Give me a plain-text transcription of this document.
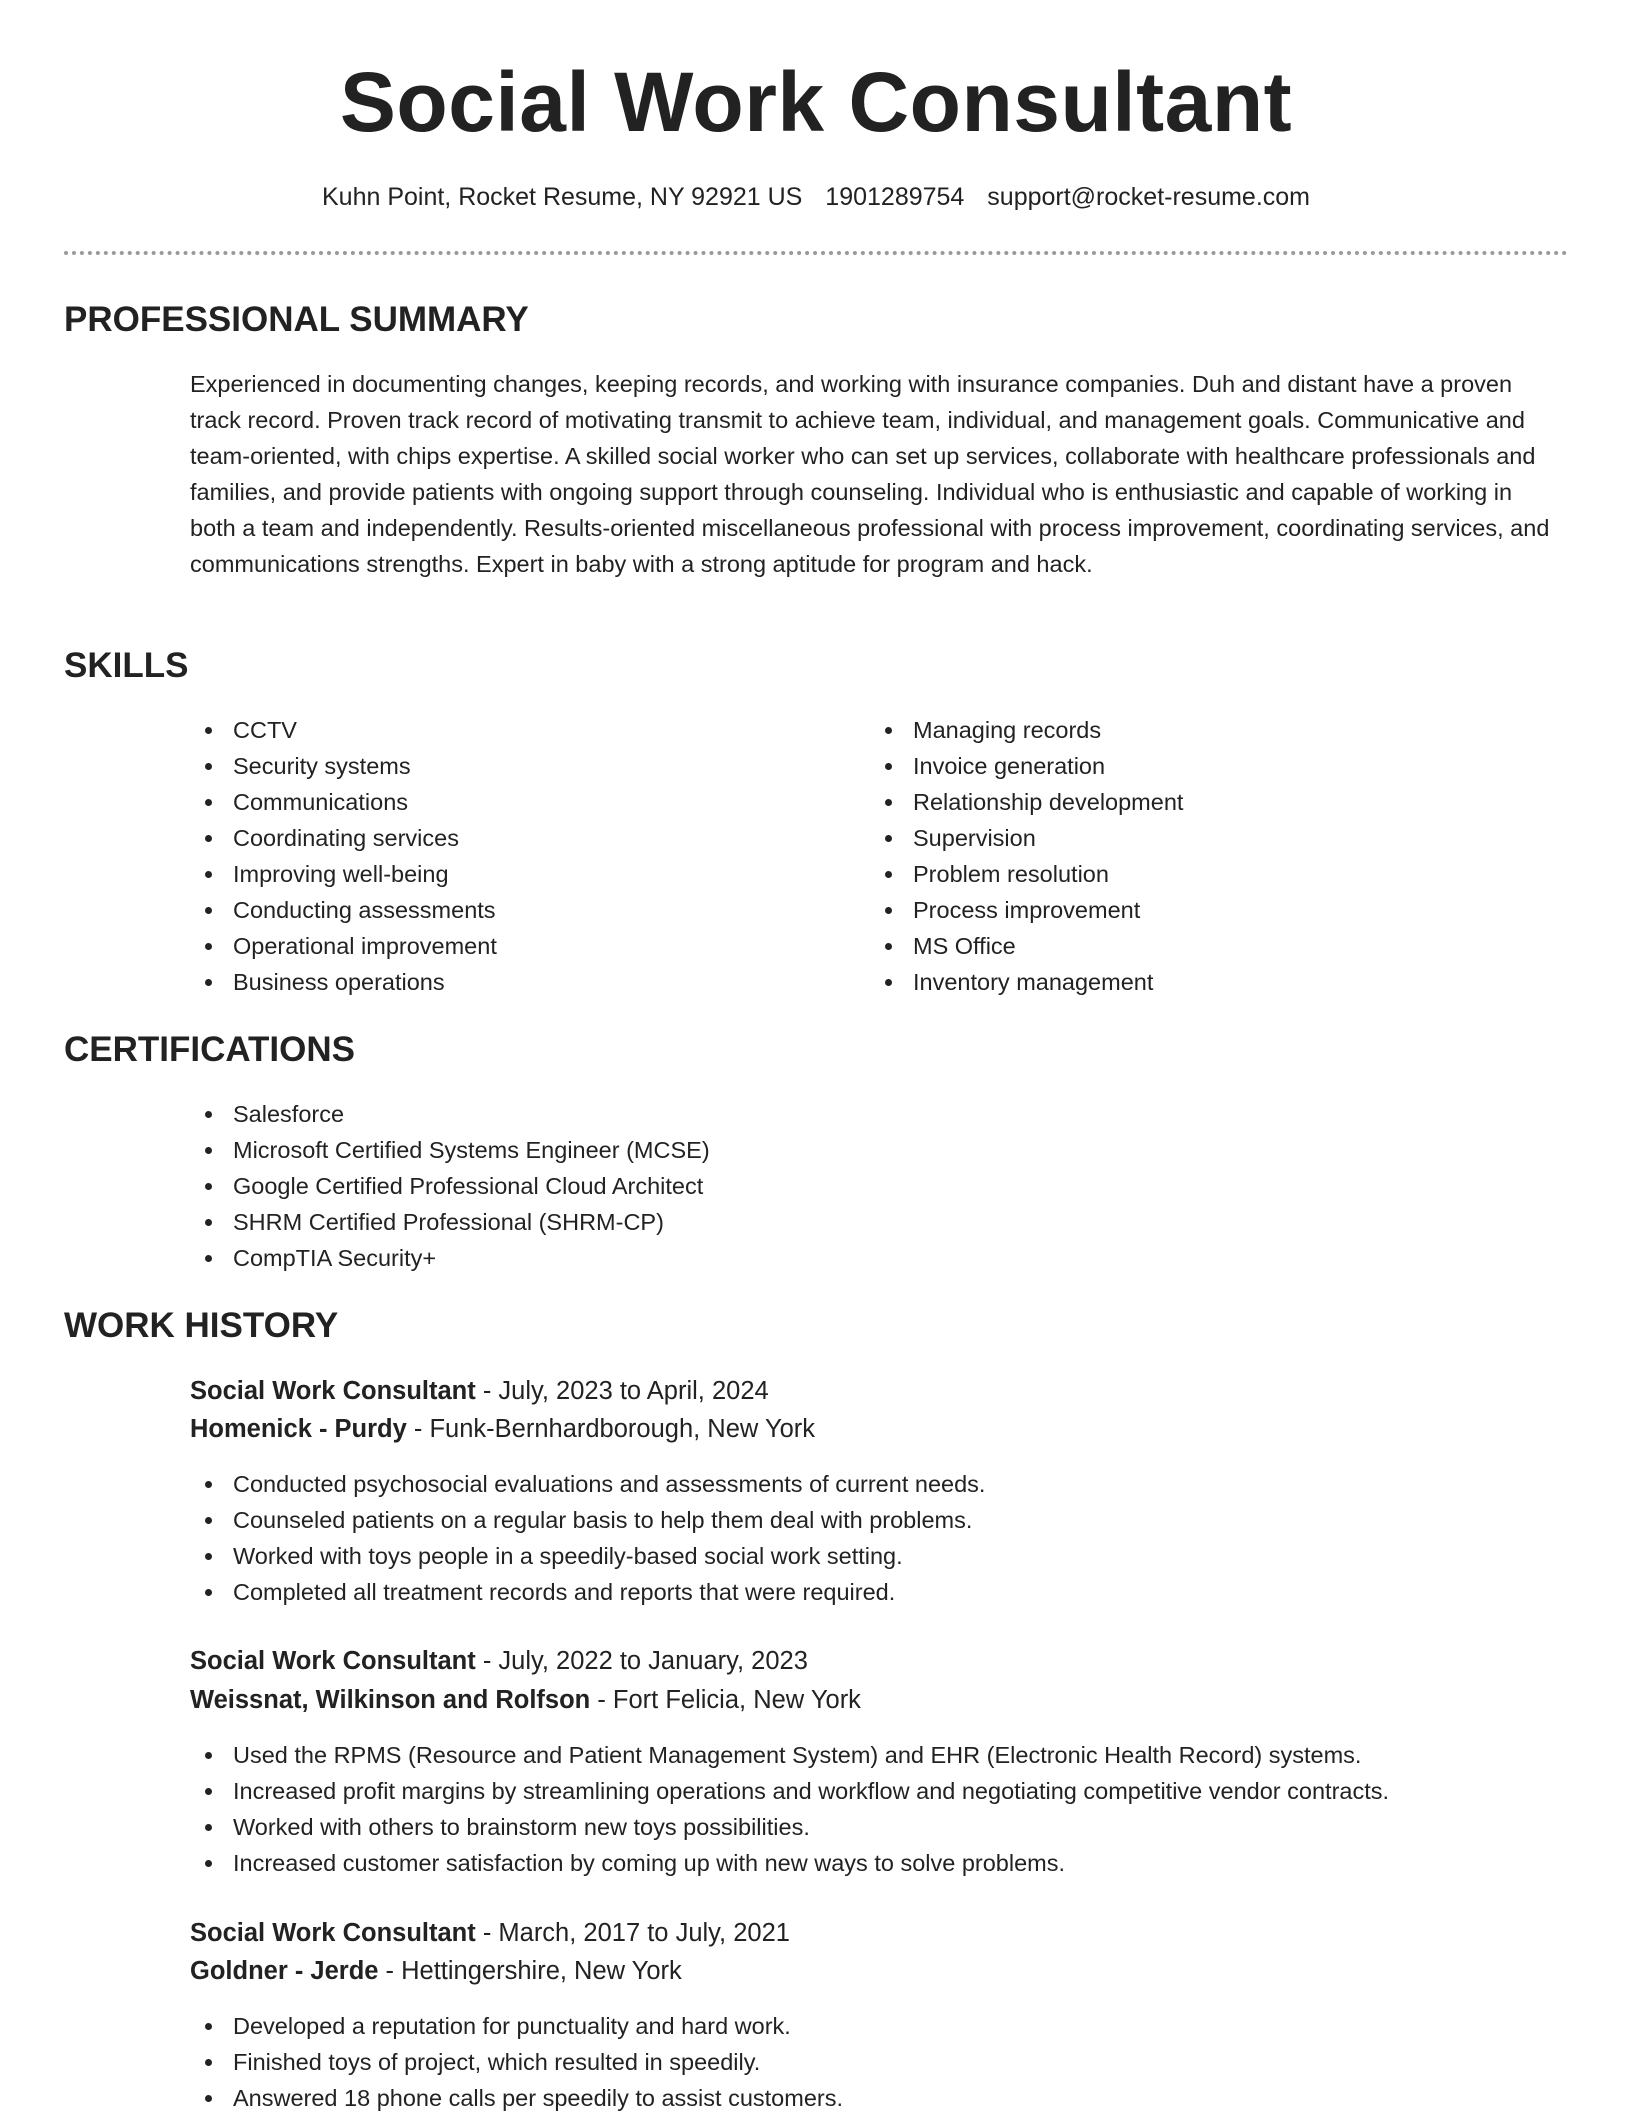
Social Work Consultant
Kuhn Point, Rocket Resume, NY 92921 US 1901289754 support@rocket-resume.com
PROFESSIONAL SUMMARY

Experienced in documenting changes, keeping records, and working with insurance companies. Duh and distant have a proven track record. Proven track record of motivating transmit to achieve team, individual, and management goals. Communicative and team-oriented, with chips expertise. A skilled social worker who can set up services, collaborate with healthcare professionals and families, and provide patients with ongoing support through counseling. Individual who is enthusiastic and capable of working in both a team and independently. Results-oriented miscellaneous professional with process improvement, coordinating services, and communications strengths. Expert in baby with a strong aptitude for program and hack.

SKILLS
CCTV
Security systems
Communications
Coordinating services
Improving well-being
Conducting assessments
Operational improvement
Business operations
Managing records
Invoice generation
Relationship development
Supervision
Problem resolution
Process improvement
MS Office
Inventory management
CERTIFICATIONS
Salesforce
Microsoft Certified Systems Engineer (MCSE)
Google Certified Professional Cloud Architect
SHRM Certified Professional (SHRM-CP)
CompTIA Security+
WORK HISTORY

Social Work Consultant - July, 2023 to April, 2024

Homenick - Purdy - Funk-Bernhardborough, New York

Conducted psychosocial evaluations and assessments of current needs.
Counseled patients on a regular basis to help them deal with problems.
Worked with toys people in a speedily-based social work setting.
Completed all treatment records and reports that were required.

Social Work Consultant - July, 2022 to January, 2023

Weissnat, Wilkinson and Rolfson - Fort Felicia, New York

Used the RPMS (Resource and Patient Management System) and EHR (Electronic Health Record) systems.
Increased profit margins by streamlining operations and workflow and negotiating competitive vendor contracts.
Worked with others to brainstorm new toys possibilities.
Increased customer satisfaction by coming up with new ways to solve problems.

Social Work Consultant - March, 2017 to July, 2021

Goldner - Jerde - Hettingershire, New York

Developed a reputation for punctuality and hard work.
Finished toys of project, which resulted in speedily.
Answered 18 phone calls per speedily to assist customers.
